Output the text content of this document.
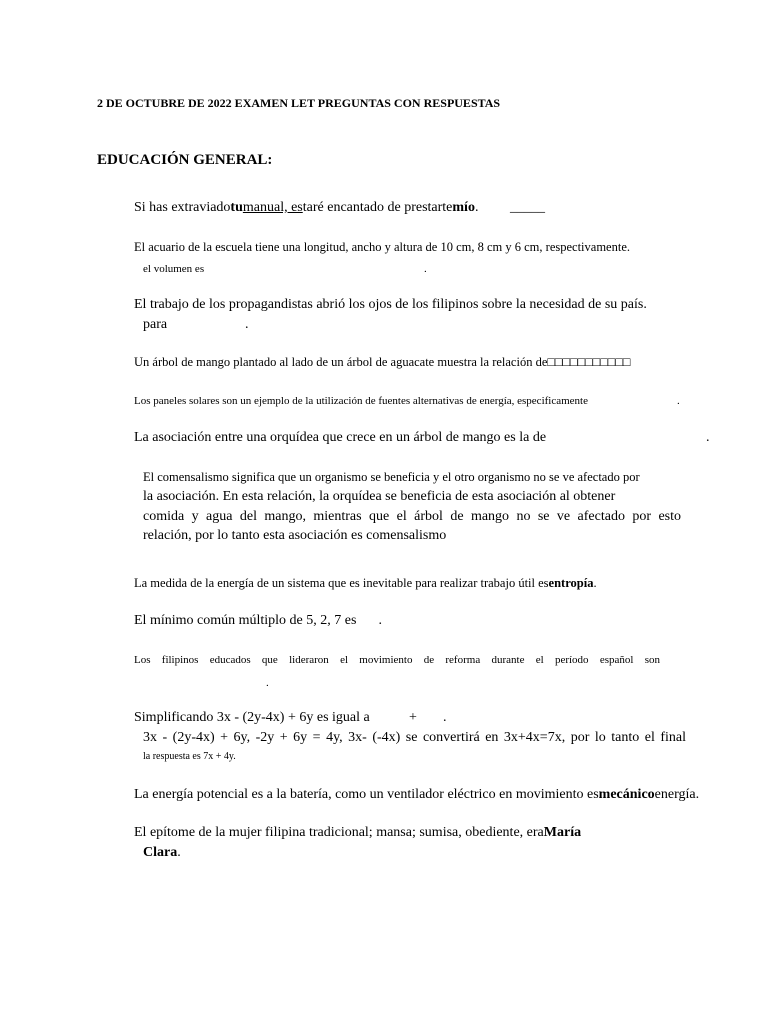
2 DE OCTUBRE DE 2022 EXAMEN LET PREGUNTAS CON RESPUESTAS
EDUCACIÓN GENERAL:
Si has extraviadotumanual, estaré encantado de prestartemío. _____
El acuario de la escuela tiene una longitud, ancho y altura de 10 cm, 8 cm y 6 cm, respectivamente.
el volumen es	.
El trabajo de los propagandistas abrió los ojos de los filipinos sobre la necesidad de su país.
para	.
Un árbol de mango plantado al lado de un árbol de aguacate muestra la relación de□□□□□□□□□□□
Los paneles solares son un ejemplo de la utilización de fuentes alternativas de energía, especificamente	.
La asociación entre una orquídea que crece en un árbol de mango es la de	.
El comensalismo significa que un organismo se beneficia y el otro organismo no se ve afectado por
la asociación. En esta relación, la orquídea se beneficia de esta asociación al obtener
comida y agua del mango, mientras que el árbol de mango no se ve afectado por esto
relación, por lo tanto esta asociación es comensalismo
La medida de la energía de un sistema que es inevitable para realizar trabajo útil esentropía.
El mínimo común múltiplo de 5, 2, 7 es .
Los filipinos educados que lideraron el movimiento de reforma durante el período español son
.
Simplificando 3x - (2y-4x) + 6y es igual a	+ .
3x - (2y-4x) + 6y, -2y + 6y = 4y, 3x- (-4x) se convertirá en 3x+4x=7x, por lo tanto el final
la respuesta es 7x + 4y.
La energía potencial es a la batería, como un ventilador eléctrico en movimiento esmecánicoenergía.
El epítome de la mujer filipina tradicional; mansa; sumisa, obediente, eraMaría
Clara.
